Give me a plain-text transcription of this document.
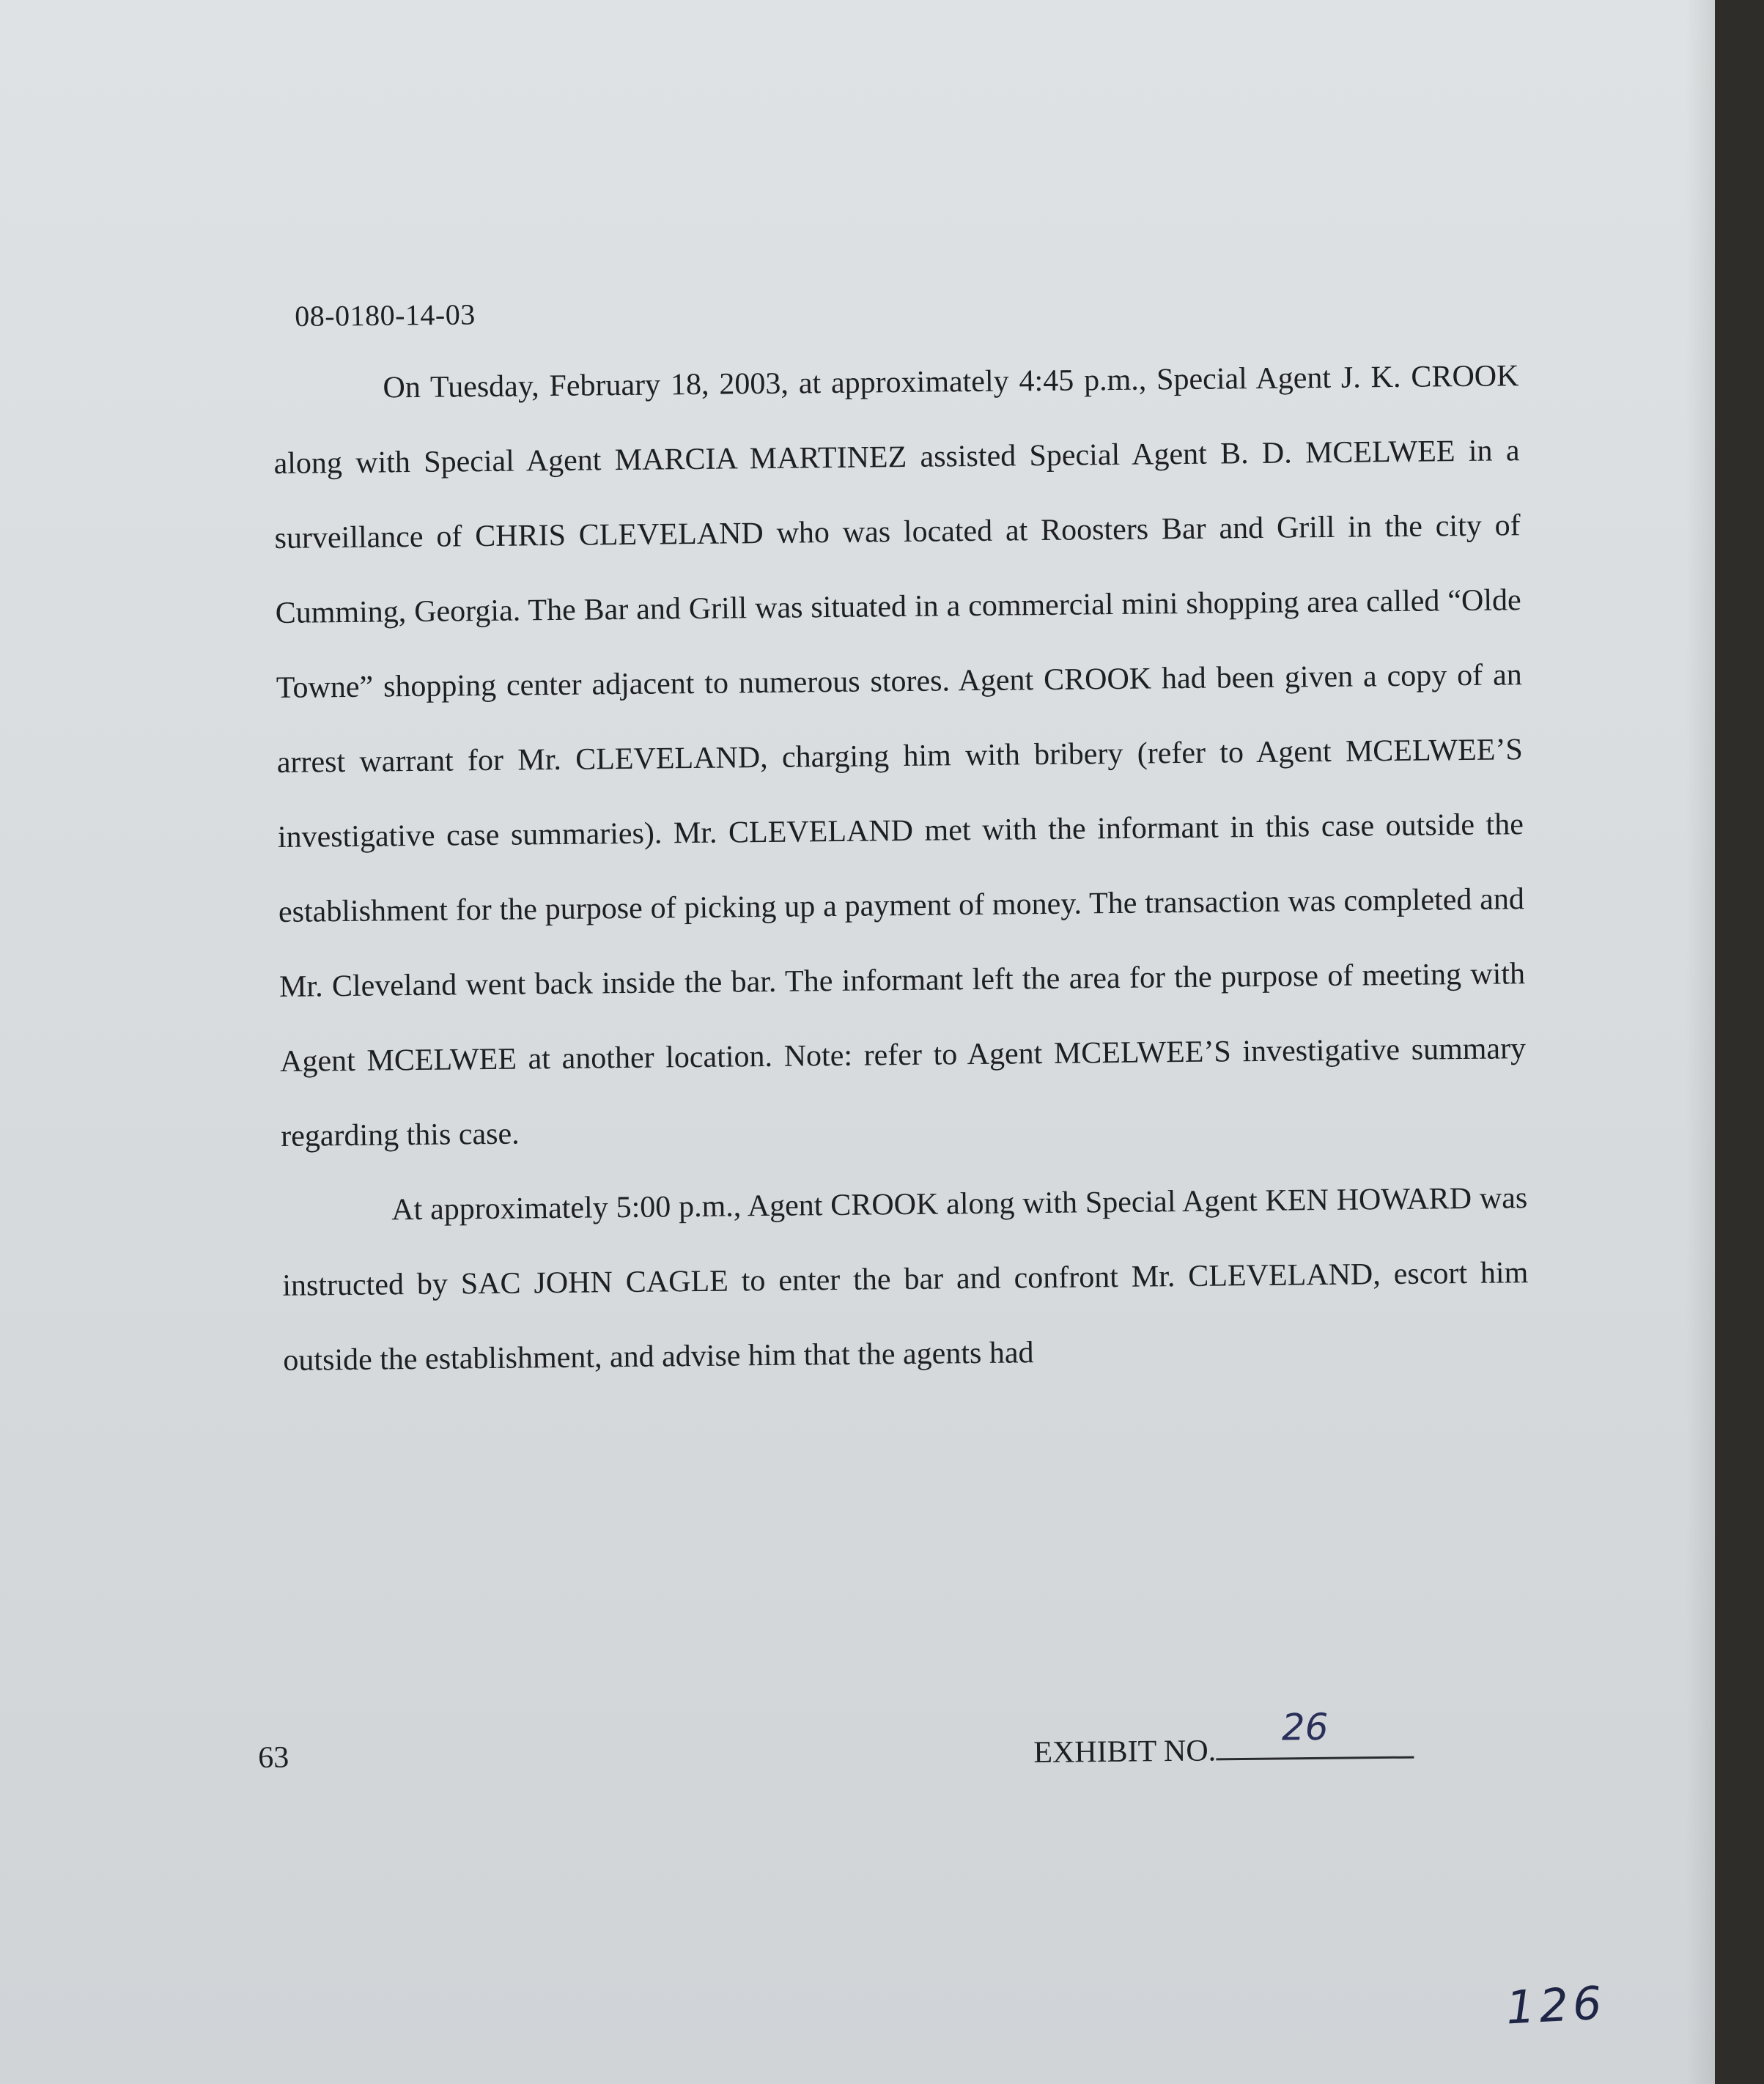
08-0180-14-03

On Tuesday, February 18, 2003, at approximately 4:45 p.m., Special Agent J. K. CROOK along with Special Agent MARCIA MARTINEZ assisted Special Agent B. D. MCELWEE in a surveillance of CHRIS CLEVELAND who was located at Roosters Bar and Grill in the city of Cumming, Georgia. The Bar and Grill was situated in a commercial mini shopping area called “Olde Towne” shopping center adjacent to numerous stores. Agent CROOK had been given a copy of an arrest warrant for Mr. CLEVELAND, charging him with bribery (refer to Agent MCELWEE’S investigative case summaries). Mr. CLEVELAND met with the informant in this case outside the establishment for the purpose of picking up a payment of money. The transaction was completed and Mr. Cleveland went back inside the bar. The informant left the area for the purpose of meeting with Agent MCELWEE at another location. Note: refer to Agent MCELWEE’S investigative summary regarding this case.

At approximately 5:00 p.m., Agent CROOK along with Special Agent KEN HOWARD was instructed by SAC JOHN CAGLE to enter the bar and confront Mr. CLEVELAND, escort him outside the establishment, and advise him that the agents had

63	EXHIBIT NO.
26
126
